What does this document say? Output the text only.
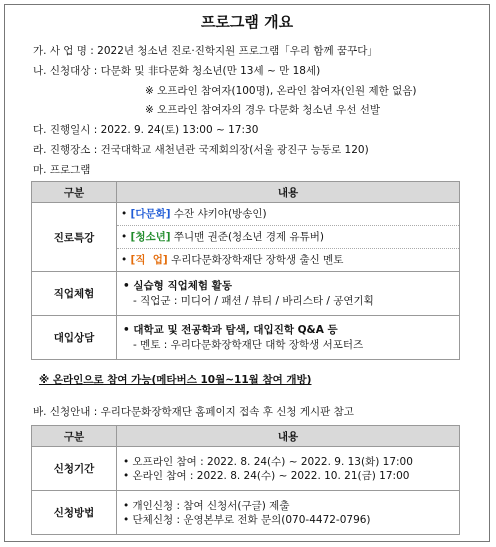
프로그램 개요
가. 사 업 명 : 2022년 청소년 진로·진학지원 프로그램「우리 함께 꿈꾸다」
나. 신청대상 : 다문화 및 非다문화 청소년(만 13세 ~ 만 18세)
※ 오프라인 참여자(100명), 온라인 참여자(인원 제한 없음)
※ 오프라인 참여자의 경우 다문화 청소년 우선 선발
다. 진행일시 : 2022. 9. 24(토) 13:00 ~ 17:30
라. 진행장소 : 건국대학교 새천년관 국제회의장(서울 광진구 능동로 120)
마. 프로그램
구분	내용
진로특강	• [다문화] 수잔 샤키야(방송인)
• [청소년] 쭈니맨 권준(청소년 경제 유튜버)
• [직  업] 우리다문화장학재단 장학생 출신 멘토

직업체험	• 실습형 직업체험 활동
- 직업군 : 미디어 / 패션 / 뷰티 / 바리스타 / 공연기획

대입상담	• 대학교 및 전공학과 탐색, 대입진학 Q&A 등
- 멘토 : 우리다문화장학재단 대학 장학생 서포터즈
※ 온라인으로 참여 가능(메타버스 10월~11월 참여 개방)
바. 신청안내 : 우리다문화장학재단 홈페이지 접속 후 신청 게시판 참고
구분	내용
신청기간	• 오프라인 참여 : 2022. 8. 24(수) ~ 2022. 9. 13(화) 17:00
• 온라인 참여 : 2022. 8. 24(수) ~ 2022. 10. 21(금) 17:00

신청방법	• 개인신청 : 참여 신청서(구글) 제출
• 단체신청 : 운영본부로 전화 문의(070-4472-0796)
